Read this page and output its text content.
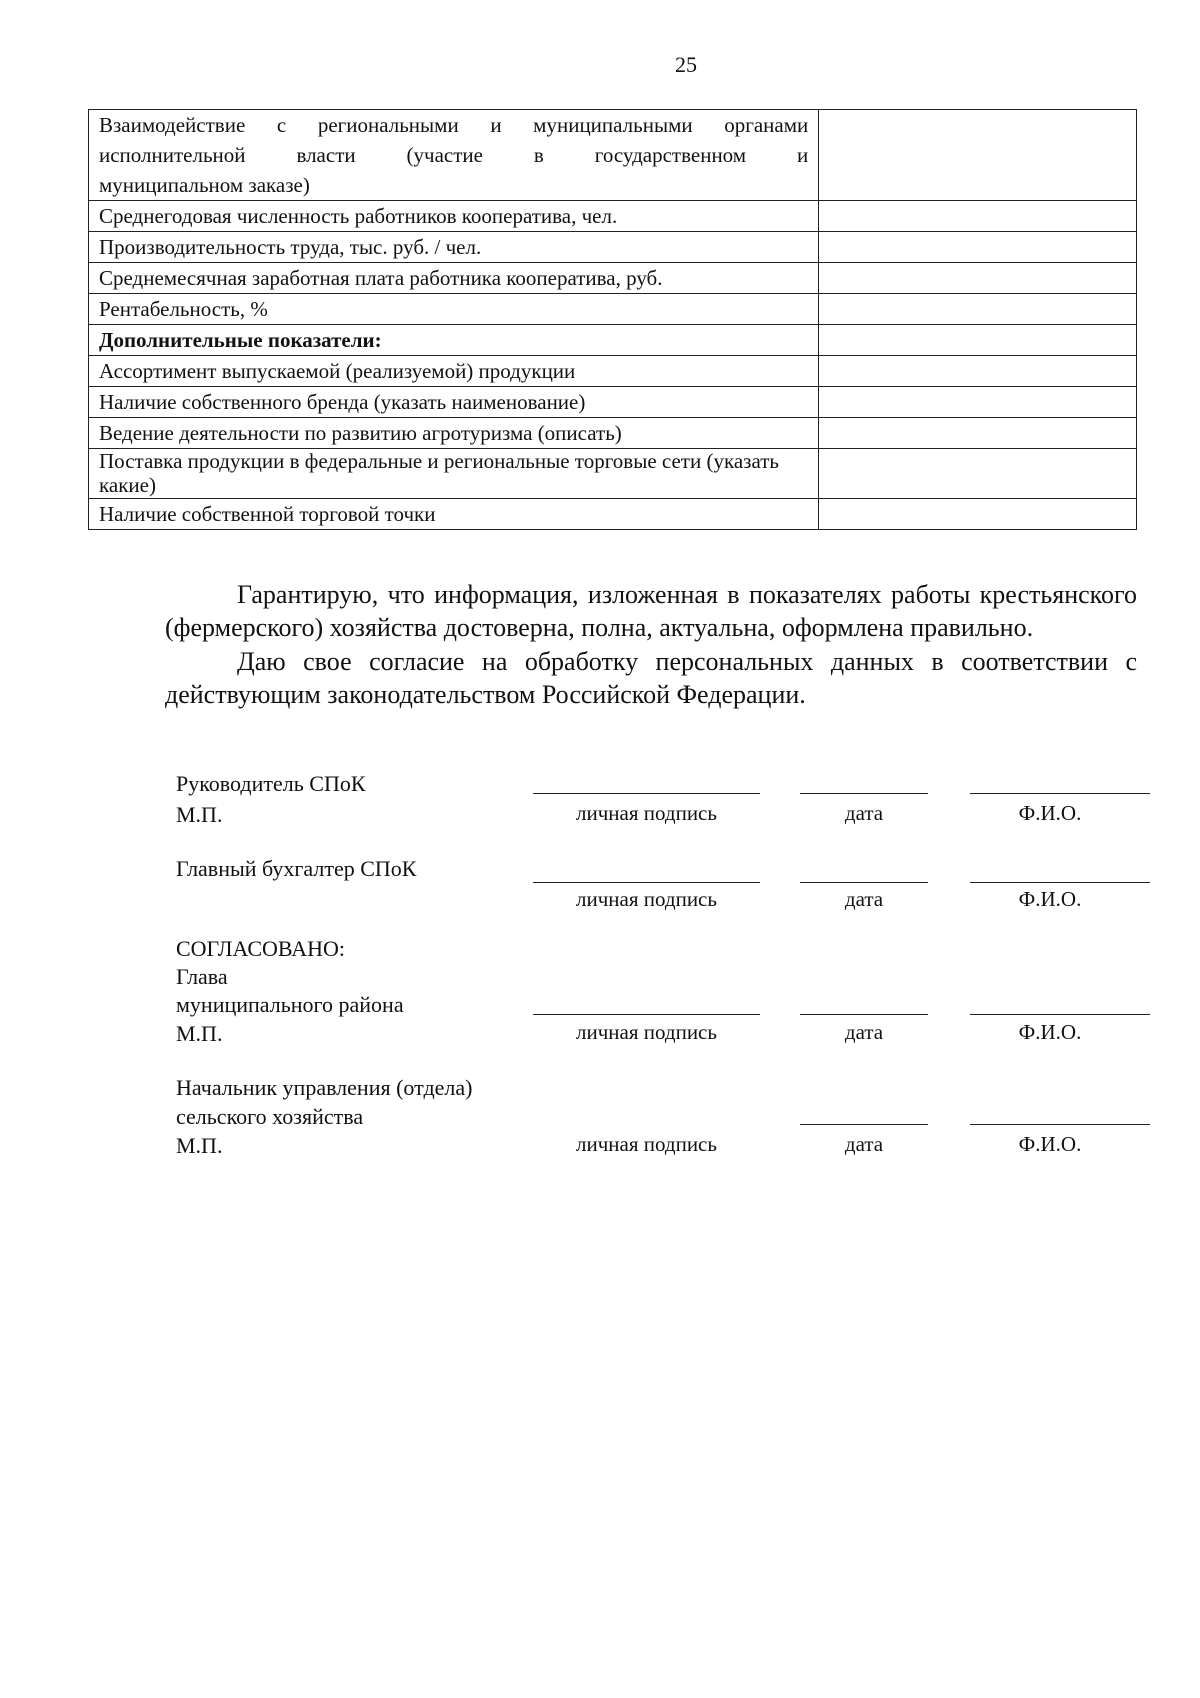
25
Взаимодействие с региональными и муниципальными органами
исполнительной власти (участие в государственном и
муниципальном заказе)	
Среднегодовая численность работников кооператива, чел.	
Производительность труда, тыс. руб. / чел.	
Среднемесячная заработная плата работника кооператива, руб.	
Рентабельность, %	
Дополнительные показатели:	
Ассортимент выпускаемой (реализуемой) продукции	
Наличие собственного бренда (указать наименование)	
Ведение деятельности по развитию агротуризма (описать)	
Поставка продукции в федеральные и региональные торговые сети (указать какие)	
Наличие собственной торговой точки	

Гарантирую, что информация, изложенная в показателях работы крестьянского (фермерского) хозяйства достоверна, полна, актуальна, оформлена правильно.

Даю свое согласие на обработку персональных данных в соответствии с действующим законодательством Российской Федерации.

Руководитель СПоК
М.П.	личная подпись	дата	Ф.И.О.
Главный бухгалтер СПоК
личная подпись	дата	Ф.И.О.
СОГЛАСОВАНО:
Глава
муниципального района
М.П.	личная подпись	дата	Ф.И.О.
Начальник управления (отдела)
сельского хозяйства
М.П.	личная подпись	дата	Ф.И.О.
